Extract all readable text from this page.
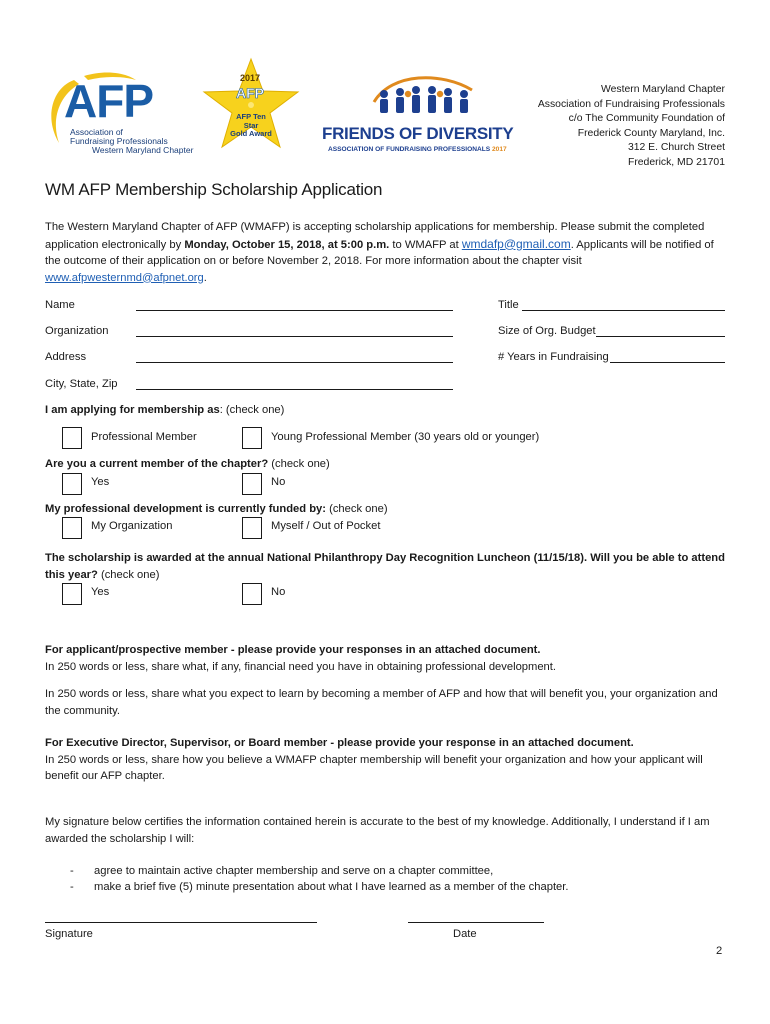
AFP
Association of
Fundraising Professionals
Western Maryland Chapter
2017
AFP
AFP Ten Star
Gold Award	FRIENDS OF DIVERSITY
ASSOCIATION OF FUNDRAISING PROFESSIONALS 2017
Western Maryland Chapter
Association of Fundraising Professionals
c/o The Community Foundation of
Frederick County Maryland, Inc.
312 E. Church Street
Frederick, MD 21701
WM AFP Membership Scholarship Application
The Western Maryland Chapter of AFP (WMAFP) is accepting scholarship applications for membership. Please submit the completed application electronically by Monday, October 15, 2018, at 5:00 p.m. to WMAFP at wmdafp@gmail.com. Applicants will be notified of the outcome of their application on or before November 2, 2018. For more information about the chapter visit www.afpwesternmd@afpnet.org.
Name	Title
Organization	Size of Org. Budget
Address	# Years in Fundraising
City, State, Zip
I am applying for membership as: (check one)
Professional Member	Young Professional Member (30 years old or younger)
Are you a current member of the chapter? (check one)
Yes	No
My professional development is currently funded by: (check one)
My Organization	Myself / Out of Pocket
The scholarship is awarded at the annual National Philanthropy Day Recognition Luncheon (11/15/18). Will you be able to attend this year? (check one)
Yes	No
For applicant/prospective member - please provide your responses in an attached document.
In 250 words or less, share what, if any, financial need you have in obtaining professional development.
In 250 words or less, share what you expect to learn by becoming a member of AFP and how that will benefit you, your organization and the community.
For Executive Director, Supervisor, or Board member - please provide your response in an attached document.
In 250 words or less, share how you believe a WMAFP chapter membership will benefit your organization and how your applicant will benefit our AFP chapter.
My signature below certifies the information contained herein is accurate to the best of my knowledge. Additionally, I understand if I am awarded the scholarship I will:
- agree to maintain active chapter membership and serve on a chapter committee,
- make a brief five (5) minute presentation about what I have learned as a member of the chapter.
Signature	Date
2
